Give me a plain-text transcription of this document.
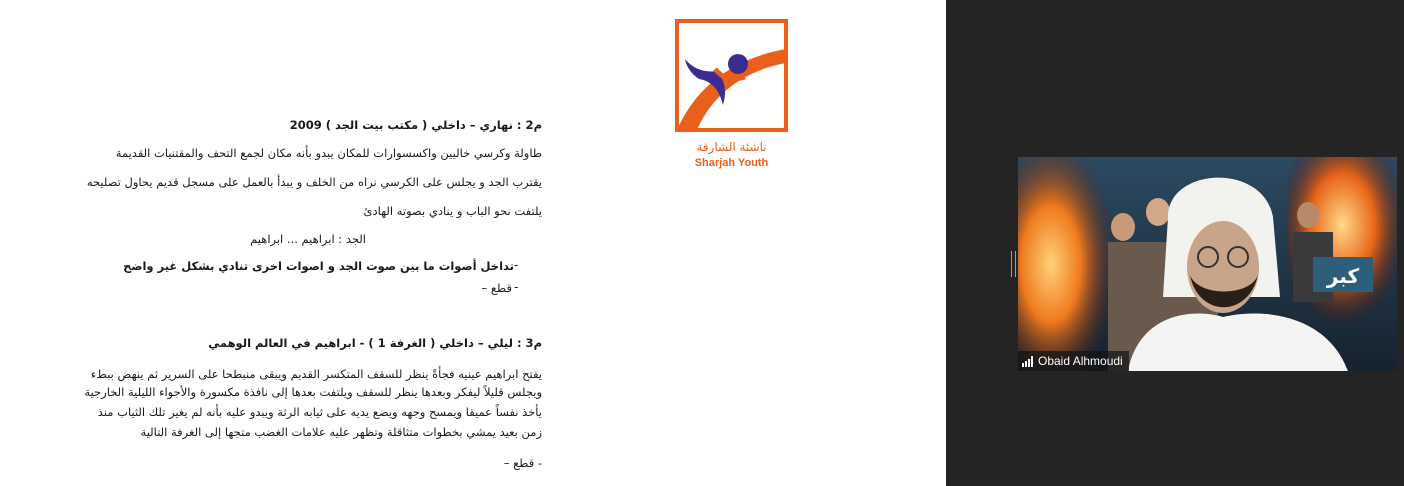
ناشئة الشارقة
Sharjah Youth
م2 : نهاري – داخلي ( مكتب بيت الجد ) 2009
طاولة وكرسي خاليين واكسسوارات للمكان يبدو بأنه مكان لجمع التحف والمقتنيات القديمة
يقترب الجد و يجلس على الكرسي نراه من الخلف و يبدأ بالعمل على مسجل قديم يحاول تصليحه
يلتفت نحو الباب و ينادي بصوته الهادئ
الجد : ابراهيم ... ابراهيم
تداخل أصوات ما بين صوت الجد و اصوات اخرى تنادي بشكل غير واضح -
قطع – -
م3 : ليلي – داخلي ( الغرفة 1 ) - ابراهيم في العالم الوهمي
يفتح ابراهيم عينيه فجأةً ينظر للسقف المتكسر القديم ويبقى منبطحا على السرير ثم ينهض ببطء
ويجلس قليلاً ليفكر وبعدها ينظر للسقف ويلتفت بعدها إلى نافذة مكسورة والأجواء الليلية الخارجية
يأخذ نفساً عميقا ويمسح وجهه ويضع يديه على ثيابه الرثة ويبدو عليه بأنه لم يغير تلك الثياب منذ
زمن بعيد يمشي بخطوات متثاقلة وتظهر عليه علامات الغضب متجها إلى الغرفة التالية
- قطع –
كبر
Obaid Alhmoudi
